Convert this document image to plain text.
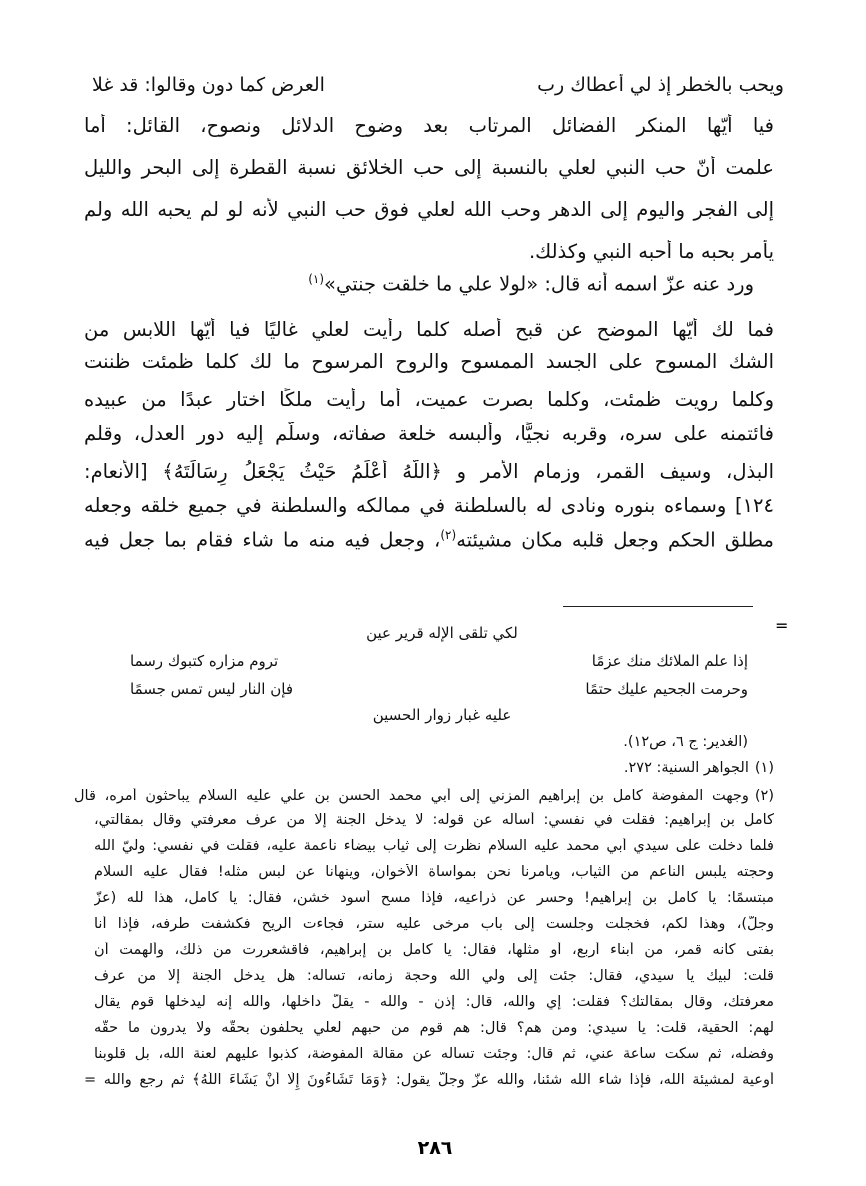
ويحب بالخطر إذ لي أعطاك رب
العرض كما دون وقالوا: قد غلا
فيا أيّها المنكر الفضائل المرتاب بعد وضوح الدلائل ونصوح، القائل: أما
علمت أنّ حب النبي لعلي بالنسبة إلى حب الخلائق نسبة القطرة إلى البحر والليل
إلى الفجر واليوم إلى الدهر وحب الله لعلي فوق حب النبي لأنه لو لم يحبه الله ولم
يأمر بحبه ما أحبه النبي وكذلك.
ورد عنه عزّ اسمه أنه قال: «لولا علي ما خلقت جنتي»$^{(١)}$
فما لك أيّها الموضح عن قبح أصله كلما رأيت لعلي غاليًا فيا أيّها اللابس من
الشك المسوح على الجسد الممسوح والروح المرسوح ما لك كلما ظمئت ظننت
وكلما رويت ظمئت، وكلما بصرت عميت، أما رأيت ملكًا اختار عبدًا من عبيده
فائتمنه على سره، وقربه نجيًّا، وألبسه خلعة صفاته، وسلّم إليه دور العدل، وقلم
البذل، وسيف القمر، وزمام الأمر و ﴿اللَّهُ أَعْلَمُ حَيْثُ يَجْعَلُ رِسَالَتَهُ﴾ [الأنعام:
١٢٤] وسماءه بنوره ونادى له بالسلطنة في ممالكه والسلطنة في جميع خلقه وجعله
مطلق الحكم وجعل قلبه مكان مشيئته$^{(٢)}$، وجعل فيه منه ما شاء فقام بما جعل فيه
=
لكي تلقى الإله قرير عين
إذا علم الملائك منك عزمًا
تروم مزاره كتبوك رسما
وحرمت الجحيم عليك حتمًا
فإن النار ليس تمس جسمًا
عليه غبار زوار الحسين
(الغدير: ج ٦، ص١٢).
(١)الجواهر السنية: ٢٧٢.
(٢)وجهت المفوضة كامل بن إبراهيم المزني إلى أبي محمد الحسن بن علي عليه السلام يباحثون أمره، قال
كامل بن إبراهيم: فقلت في نفسي: أسأله عن قوله: لا يدخل الجنة إلا من عرف معرفتي وقال بمقالتي،
فلما دخلت على سيدي أبي محمد عليه السلام نظرت إلى ثياب بيضاء ناعمة عليه، فقلت في نفسي: وليّ الله
وحجته يلبس الناعم من الثياب، ويأمرنا نحن بمواساة الأخوان، وينهانا عن لبس مثله! فقال عليه السلام
مبتسمًا: يا كامل بن إبراهيم! وحسر عن ذراعيه، فإذا مسح أسود خشن، فقال: يا كامل، هذا لله (عزّ
وجلّ)، وهذا لكم، فخجلت وجلست إلى باب مرخى عليه ستر، فجاءت الريح فكشفت طرفه، فإذا أنا
بفتى كأنه قمر، من أبناء أربع، أو مثلها، فقال: يا كامل بن إبراهيم، فاقشعررت من ذلك، وألهمت أن
قلت: لبيك يا سيدي، فقال: جئت إلى ولي الله وحجة زمانه، تسأله: هل يدخل الجنة إلا من عرف
معرفتك، وقال بمقالتك؟ فقلت: إي والله، قال: إذن - والله - يقلّ داخلها، والله إنه ليدخلها قوم يقال
لهم: الحقية، قلت: يا سيدي: ومن هم؟ قال: هم قوم من حبهم لعلي يحلفون بحقّه ولا يدرون ما حقّه
وفضله، ثم سكت ساعة عني، ثم قال: وجئت تسأله عن مقالة المفوضة، كذبوا عليهم لعنة الله، بل قلوبنا
أوعية لمشيئة الله، فإذا شاء الله شئنا، والله عزّ وجلّ يقول: ﴿وَمَا تَشَاءُونَ إِلَّا أَنْ يَشَاءَ اللَّهُ﴾ ثم رجع والله =
٢٨٦
